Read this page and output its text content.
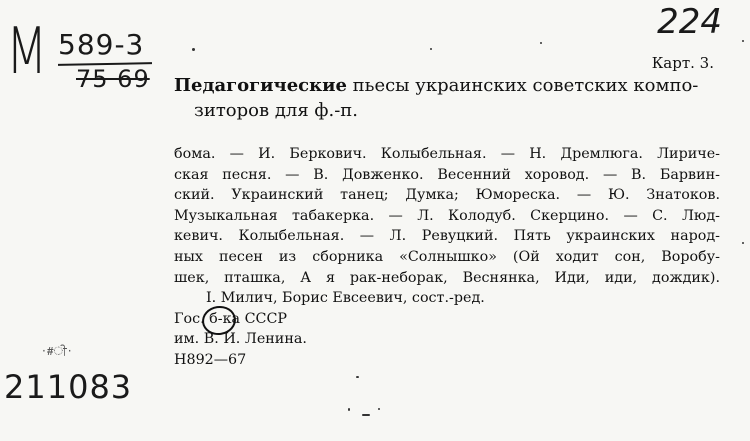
М 589-3
75 69
224
Карт. 3.
Педагогические пьесы украинских советских компо-
зиторов для ф.-п.
бома. — И. Беркович. Колыбельная. — Н. Дремлюга. Лириче-
ская песня. — В. Довженко. Весенний хоровод. — В. Барвин-
ский. Украинский танец; Думка; Юмореска. — Ю. Знатоков.
Музыкальная табакерка. — Л. Колодуб. Скерцино. — С. Люд-
кевич. Колыбельная. — Л. Ревуцкий. Пять украинских народ-
ных песен из сборника «Солнышко» (Ой ходит сон, Воробу-
шек, пташка, А я рак-неборак, Веснянка, Иди, иди, дождик).
I. Милич, Борис Евсеевич, сост.-ред.
Гос. б-ка СССР
им. В. И. Ленина.
Н892—67
·#ੀ·
211083
